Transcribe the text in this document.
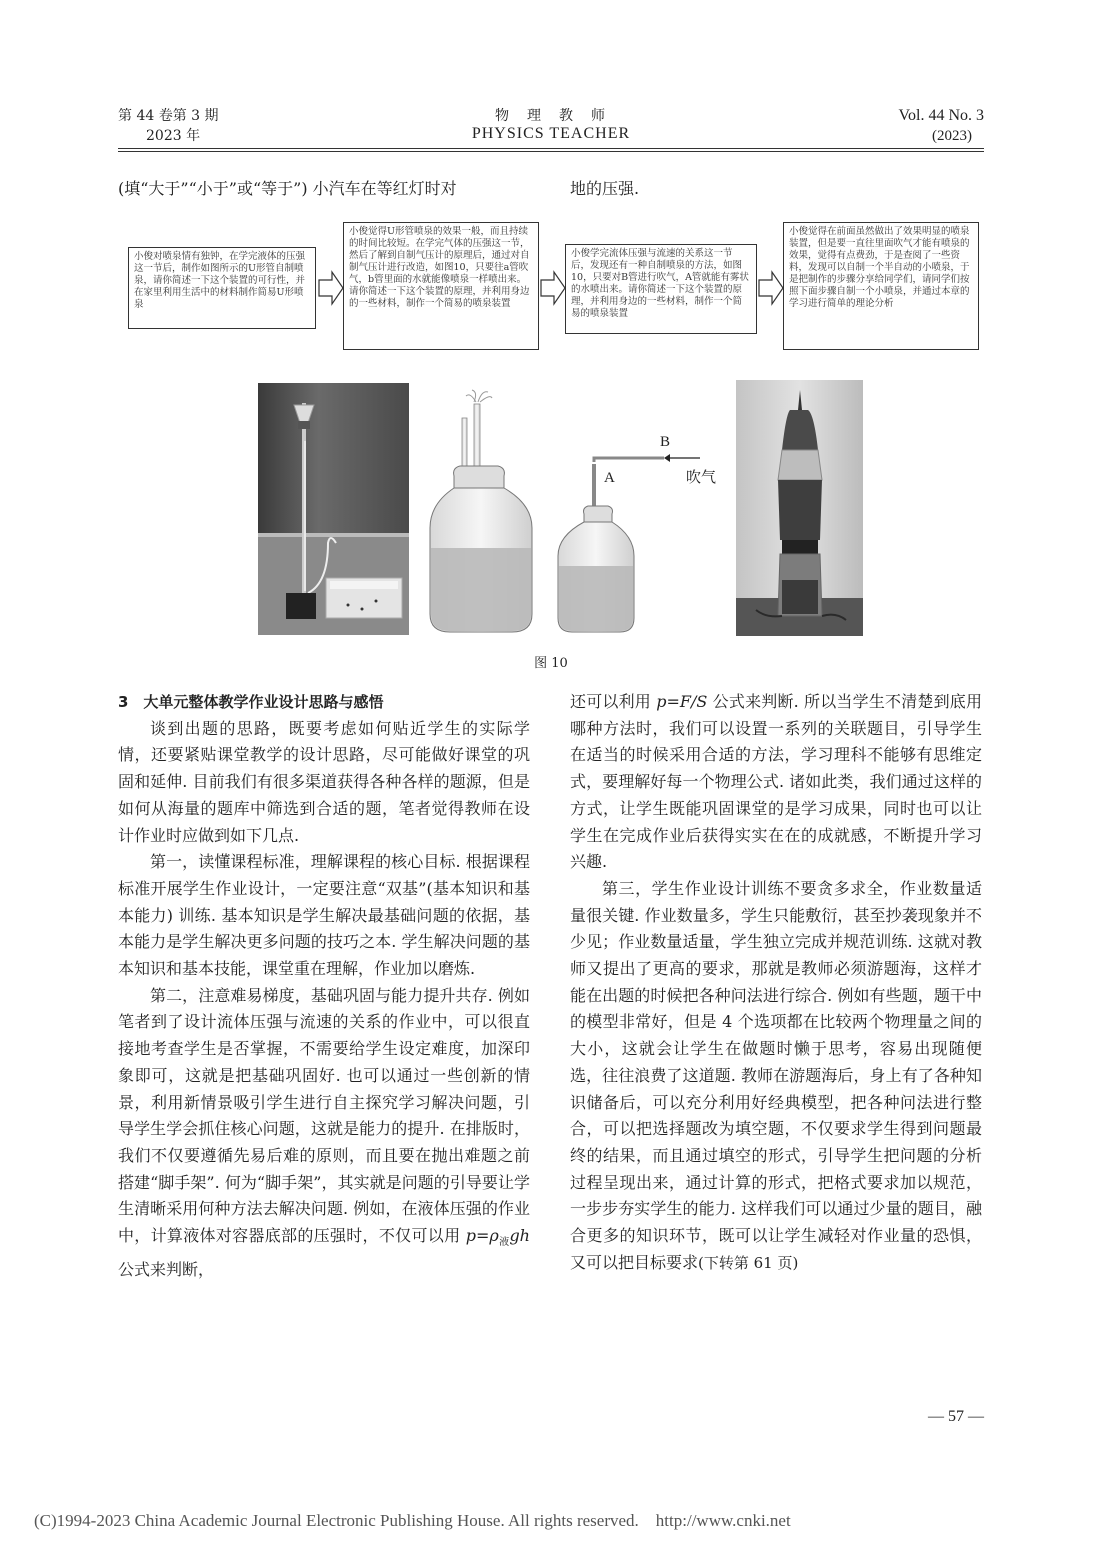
第 44 卷第 3 期
2023 年
物　理　教　师
PHYSICS TEACHER
Vol. 44 No. 3
(2023)
(填“大于”“小于”或“等于”) 小汽车在等红灯时对	地的压强.
小俊对喷泉情有独钟，在学完液体的压强这一节后，制作如图所示的U形管自制喷泉，请你简述一下这个装置的可行性，并在家里利用生活中的材料制作简易U形喷泉
小俊觉得U形管喷泉的效果一般，而且持续的时间比较短。在学完气体的压强这一节，然后了解到自制气压计的原理后，通过对自制气压计进行改造，如图10，只要往a管吹气，b管里面的水就能像喷泉一样喷出来。请你简述一下这个装置的原理，并利用身边的一些材料，制作一个简易的喷泉装置
小俊学完流体压强与流速的关系这一节后，发现还有一种自制喷泉的方法，如图10，只要对B管进行吹气，A管就能有雾状的水喷出来。请你简述一下这个装置的原理，并利用身边的一些材料，制作一个简易的喷泉装置
小俊觉得在前面虽然做出了效果明显的喷泉装置，但是要一直往里面吹气才能有喷泉的效果，觉得有点费劲，于是查阅了一些资料，发现可以自制一个半自动的小喷泉，于是把制作的步骤分享给同学们，请同学们按照下面步骤自制一个小喷泉，并通过本章的学习进行简单的理论分析
B
A	吹气
图 10
3　大单元整体教学作业设计思路与感悟

谈到出题的思路，既要考虑如何贴近学生的实际学情，还要紧贴课堂教学的设计思路，尽可能做好课堂的巩固和延伸. 目前我们有很多渠道获得各种各样的题源，但是如何从海量的题库中筛选到合适的题，笔者觉得教师在设计作业时应做到如下几点.

第一，读懂课程标准，理解课程的核心目标. 根据课程标准开展学生作业设计，一定要注意“双基”(基本知识和基本能力) 训练. 基本知识是学生解决最基础问题的依据，基本能力是学生解决更多问题的技巧之本. 学生解决问题的基本知识和基本技能，课堂重在理解，作业加以磨炼.

第二，注意难易梯度，基础巩固与能力提升共存. 例如笔者到了设计流体压强与流速的关系的作业中，可以很直接地考查学生是否掌握，不需要给学生设定难度，加深印象即可，这就是把基础巩固好. 也可以通过一些创新的情景，利用新情景吸引学生进行自主探究学习解决问题，引导学生学会抓住核心问题，这就是能力的提升. 在排版时，我们不仅要遵循先易后难的原则，而且要在抛出难题之前搭建“脚手架”. 何为“脚手架”，其实就是问题的引导要让学生清晰采用何种方法去解决问题. 例如，在液体压强的作业中，计算液体对容器底部的压强时，不仅可以用 $p=\rho_液gh$ 公式来判断，

还可以利用 p=F/S 公式来判断. 所以当学生不清楚到底用哪种方法时，我们可以设置一系列的关联题目，引导学生在适当的时候采用合适的方法，学习理科不能够有思维定式，要理解好每一个物理公式. 诸如此类，我们通过这样的方式，让学生既能巩固课堂的是学习成果，同时也可以让学生在完成作业后获得实实在在的成就感，不断提升学习兴趣.

第三，学生作业设计训练不要贪多求全，作业数量适量很关键. 作业数量多，学生只能敷衍，甚至抄袭现象并不少见；作业数量适量，学生独立完成并规范训练. 这就对教师又提出了更高的要求，那就是教师必须游题海，这样才能在出题的时候把各种问法进行综合. 例如有些题，题干中的模型非常好，但是 4 个选项都在比较两个物理量之间的大小，这就会让学生在做题时懒于思考，容易出现随便选，往往浪费了这道题. 教师在游题海后，身上有了各种知识储备后，可以充分利用好经典模型，把各种问法进行整合，可以把选择题改为填空题，不仅要求学生得到问题最终的结果，而且通过填空的形式，引导学生把问题的分析过程呈现出来，通过计算的形式，把格式要求加以规范，一步步夯实学生的能力. 这样我们可以通过少量的题目，融合更多的知识环节，既可以让学生减轻对作业量的恐惧，又可以把目标要求(下转第 61 页)

— 57 —
(C)1994-2023 China Academic Journal Electronic Publishing House. All rights reserved.　http://www.cnki.net
